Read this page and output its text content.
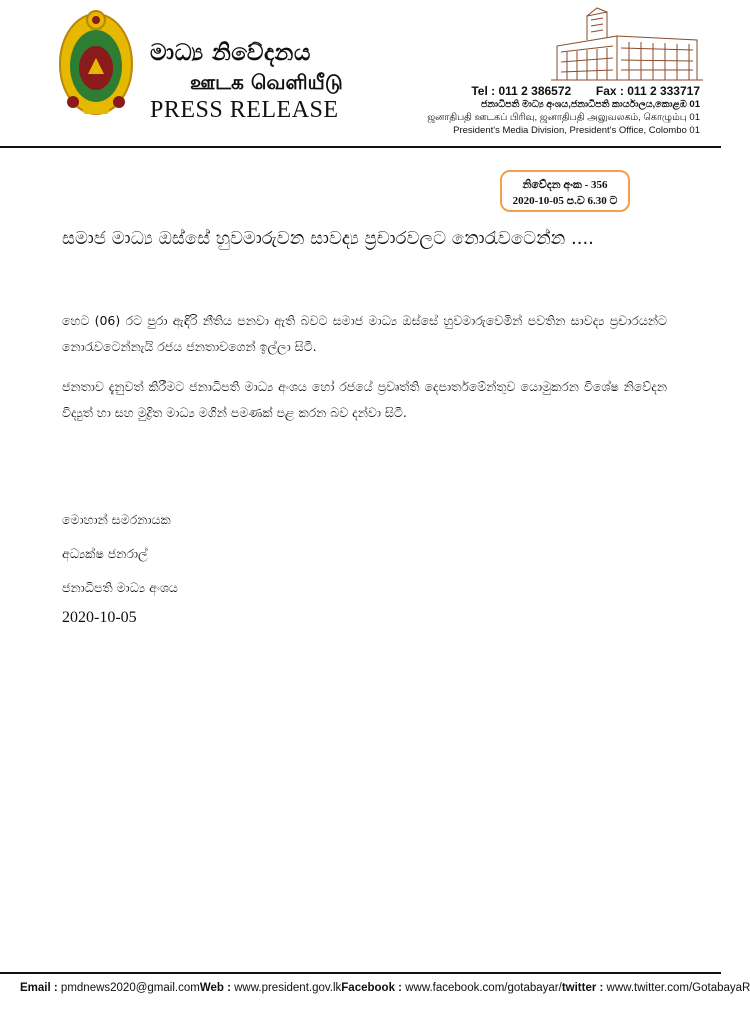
මාධ්‍ය නිවේදනය
ஊடக வெளியீடு
PRESS RELEASE
Tel : 011 2 386572 Fax : 011 2 333717
ජනාධිපති මාධ්‍ය අංශය,ජනාධිපති කාර්යාලය,කොළඹ 01
ஜனாதிபதி ஊடகப் பிரிவு, ஜனாதிபதி அலுவலகம், கொழும்பு 01
President's Media Division, President's Office, Colombo 01
නිවේදන අංක - 356
2020-10-05 ප.ව 6.30 ට
සමාජ මාධ්‍ය ඔස්සේ හුවමාරුවන සාවද්‍ය ප්‍රචාරවලට නොරැවටෙන්න ....
හෙට (06) රට පුරා ඇඳිරි නීතිය පනවා ඇති බවට සමාජ මාධ්‍ය ඔස්සේ හුවමාරුවෙමින් පවතින සාවද්‍ය ප්‍රචාරයන්ට නොරැවටෙන්නැයි රජය ජනතාවගෙන් ඉල්ලා සිටී.
ජනතාව දැනුවත් කිරීමට ජනාධිපති මාධ්‍ය අංශය හෝ රජයේ ප්‍රවෘත්ති දෙපාර්තමේන්තුව යොමුකරන විශේෂ නිවේදන විද්‍යුත් හා සහ මුද්‍රිත මාධ්‍ය මගින් පමණක් පළ කරන බව දන්වා සිටී.
මොහාන් සමරනායක
අධ්‍යක්ෂ ජනරාල්
ජනාධිපති මාධ්‍ය අංශය
2020-10-05
Email : pmdnews2020@gmail.com Web : www.president.gov.lk Facebook : www.facebook.com/gotabayar/ twitter : www.twitter.com/GotabayaR
